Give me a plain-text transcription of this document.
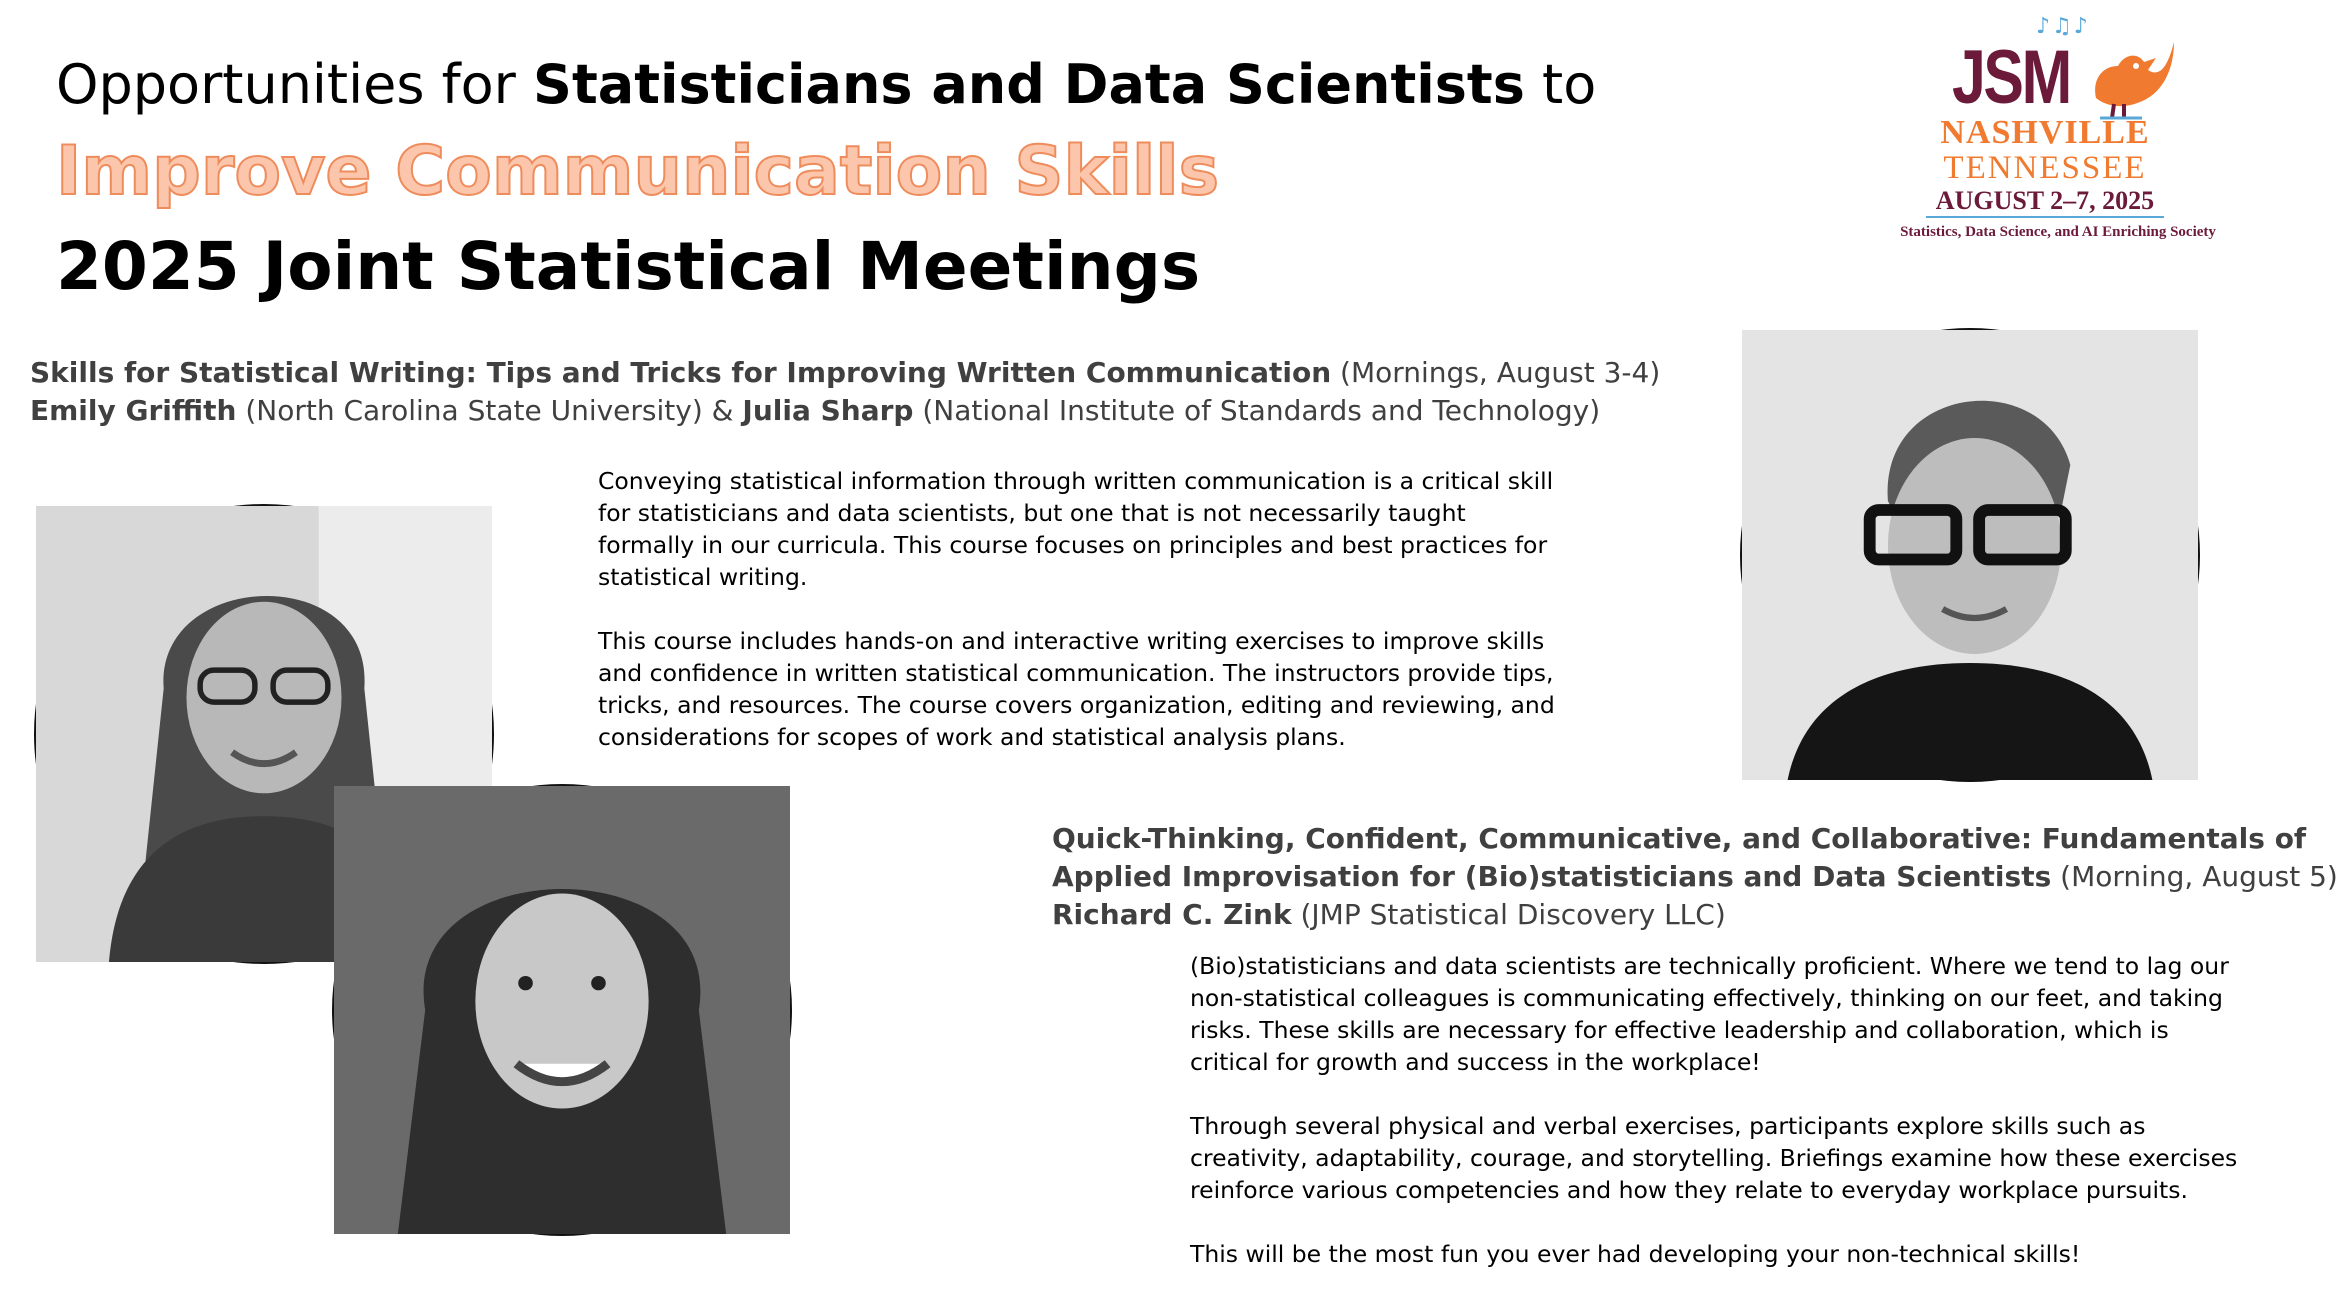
Opportunities for Statisticians and Data Scientists to
Improve Communication Skills
2025 Joint Statistical Meetings
♪♫♪
JSM
NASHVILLE
TENNESSEE
AUGUST 2–7, 2025
Statistics, Data Science, and AI Enriching Society
Skills for Statistical Writing: Tips and Tricks for Improving Written Communication (Mornings, August 3-4)
Emily Griffith (North Carolina State University) & Julia Sharp (National Institute of Standards and Technology)

Conveying statistical information through written communication is a critical skill for statisticians and data scientists, but one that is not necessarily taught formally in our curricula. This course focuses on principles and best practices for statistical writing.

This course includes hands-on and interactive writing exercises to improve skills and confidence in written statistical communication. The instructors provide tips, tricks, and resources. The course covers organization, editing and reviewing, and considerations for scopes of work and statistical analysis plans.

Quick-Thinking, Confident, Communicative, and Collaborative: Fundamentals of
Applied Improvisation for (Bio)statisticians and Data Scientists (Morning, August 5)
Richard C. Zink (JMP Statistical Discovery LLC)

(Bio)statisticians and data scientists are technically proficient. Where we tend to lag our non-statistical colleagues is communicating effectively, thinking on our feet, and taking risks. These skills are necessary for effective leadership and collaboration, which is critical for growth and success in the workplace!

Through several physical and verbal exercises, participants explore skills such as creativity, adaptability, courage, and storytelling. Briefings examine how these exercises reinforce various competencies and how they relate to everyday workplace pursuits.

This will be the most fun you ever had developing your non-technical skills!
